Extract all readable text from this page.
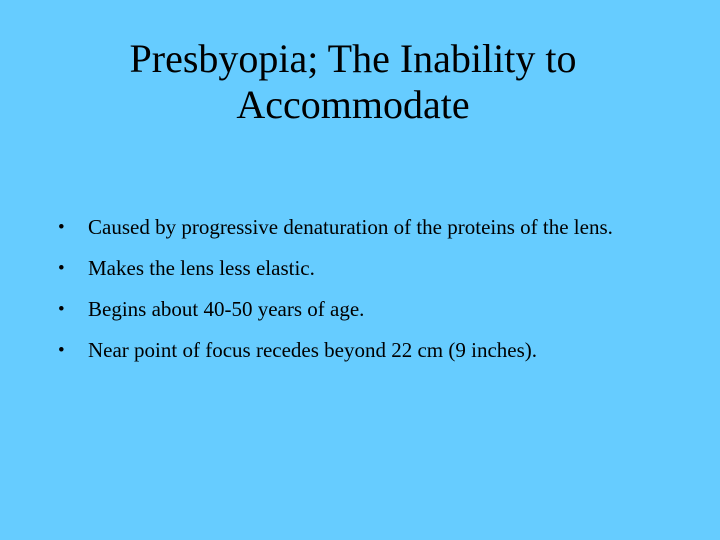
Presbyopia; The Inability to
Accommodate
•	Caused by progressive denaturation of the proteins of the lens.
•	Makes the lens less elastic.
•	Begins about 40-50 years of age.
•	Near point of focus recedes beyond 22 cm (9 inches).
